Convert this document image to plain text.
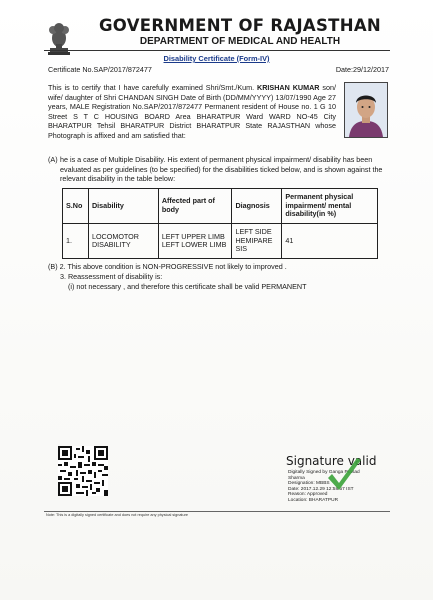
GOVERNMENT OF RAJASTHAN
DEPARTMENT OF MEDICAL AND HEALTH
Disability Certificate (Form-IV)
Certificate No.SAP/2017/872477	Date:29/12/2017
This is to certify that I have carefully examined Shri/Smt./Kum. KRISHAN KUMAR son/ wife/ daughter of Shri CHANDAN SINGH Date of Birth (DD/MM/YYYY) 13/07/1990 Age 27 years, MALE Registration No.SAP/2017/872477 Permanent resident of House no. 1 G 10 Street S T C HOUSING BOARD Area BHARATPUR Ward WARD NO-45 City BHARATPUR Tehsil BHARATPUR District BHARATPUR State RAJASTHAN whose Photograph is affixed and am satisfied that:
(A) he is a case of Multiple Disability. His extent of permanent physical impairment/ disability has been evaluated as per guidelines (to be specified) for the disabilities ticked below, and is shown against the relevant disability in the table below:
S.No	Disability	Affected part of body	Diagnosis	Permanent physical impairment/ mental disability(in %)
1.	LOCOMOTOR DISABILITY	LEFT UPPER LIMB LEFT LOWER LIMB	LEFT SIDE HEMIPARE SIS	41
(B) 2. This above condition is NON-PROGRESSIVE not likely to improved .
3. Reassessment of disability is:
(i) not necessary , and therefore this certificate shall be valid PERMANENT
Signature valid
Digitally Signed by Ganga Prasad
Sharma
Designation: MBBS
Date: 2017.12.29 12:58:57 IST
Reason: Approved
Location: BHARATPUR
Note: This is a digitally signed certificate and does not require any physical signature
